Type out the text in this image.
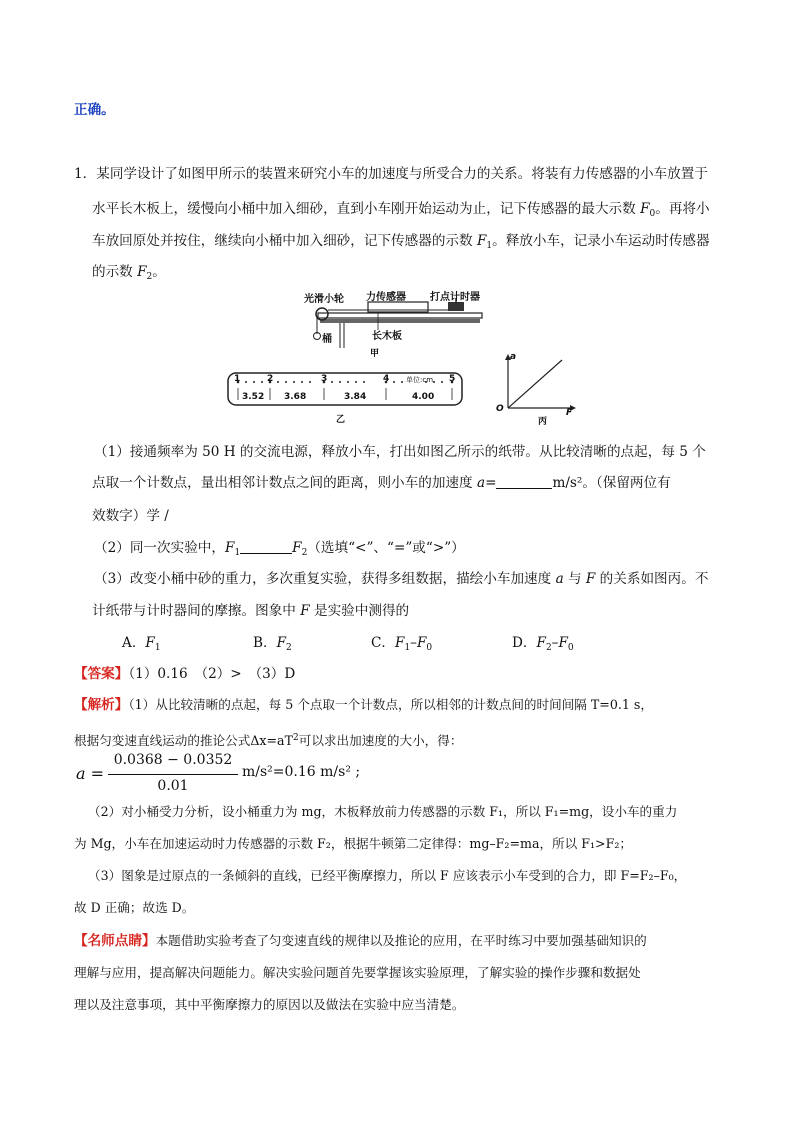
正确。
1．某同学设计了如图甲所示的装置来研究小车的加速度与所受合力的关系。将装有力传感器的小车放置于
水平长木板上，缓慢向小桶中加入细砂，直到小车刚开始运动为止，记下传感器的最大示数 $F_0$。再将小
车放回原处并按住，继续向小桶中加入细砂，记下传感器的示数 $F_1$。释放小车，记录小车运动时传感器
的示数 $F_2$。
光滑小轮 力传感器 打点计时器
桶	长木板
甲
1	2	3	4	5
单位:cm
3.52 3.68	3.84	4.00
乙
a
F
O
丙
（1）接通频率为 50 H 的交流电源，释放小车，打出如图乙所示的纸带。从比较清晰的点起，每 5 个
点取一个计数点，量出相邻计数点之间的距离，则小车的加速度 a=	m/s²。（保留两位有
效数字）学 /
（2）同一次实验中，$F_1$	$F_2$（选填“<”、“=”或“>”）
（3）改变小桶中砂的重力，多次重复实验，获得多组数据，描绘小车加速度 a 与 F 的关系如图丙。不
计纸带与计时器间的摩擦。图象中 F 是实验中测得的
A．$F_1$	B．$F_2$	C．$F_1-F_0$	D．$F_2-F_0$
【答案】（1）0.16　（2）>　（3）D
【解析】（1）从比较清晰的点起，每 5 个点取一个计数点，所以相邻的计数点间的时间间隔 T=0.1 s，
根据匀变速直线运动的推论公式$\Delta x=aT^2$可以求出加速度的大小，得：
a =
0.0368 − 0.0352
0.01
m/s²=0.16 m/s² ;
（2）对小桶受力分析，设小桶重力为 mg，木板释放前力传感器的示数 F₁，所以 F₁=mg，设小车的重力
为 Mg，小车在加速运动时力传感器的示数 F₂，根据牛顿第二定律得：mg–F₂=ma，所以 F₁>F₂；
（3）图象是过原点的一条倾斜的直线，已经平衡摩擦力，所以 F 应该表示小车受到的合力，即 F=F₂–F₀，
故 D 正确；故选 D。
【名师点睛】本题借助实验考查了匀变速直线的规律以及推论的应用，在平时练习中要加强基础知识的
理解与应用，提高解决问题能力。解决实验问题首先要掌握该实验原理，了解实验的操作步骤和数据处
理以及注意事项，其中平衡摩擦力的原因以及做法在实验中应当清楚。
